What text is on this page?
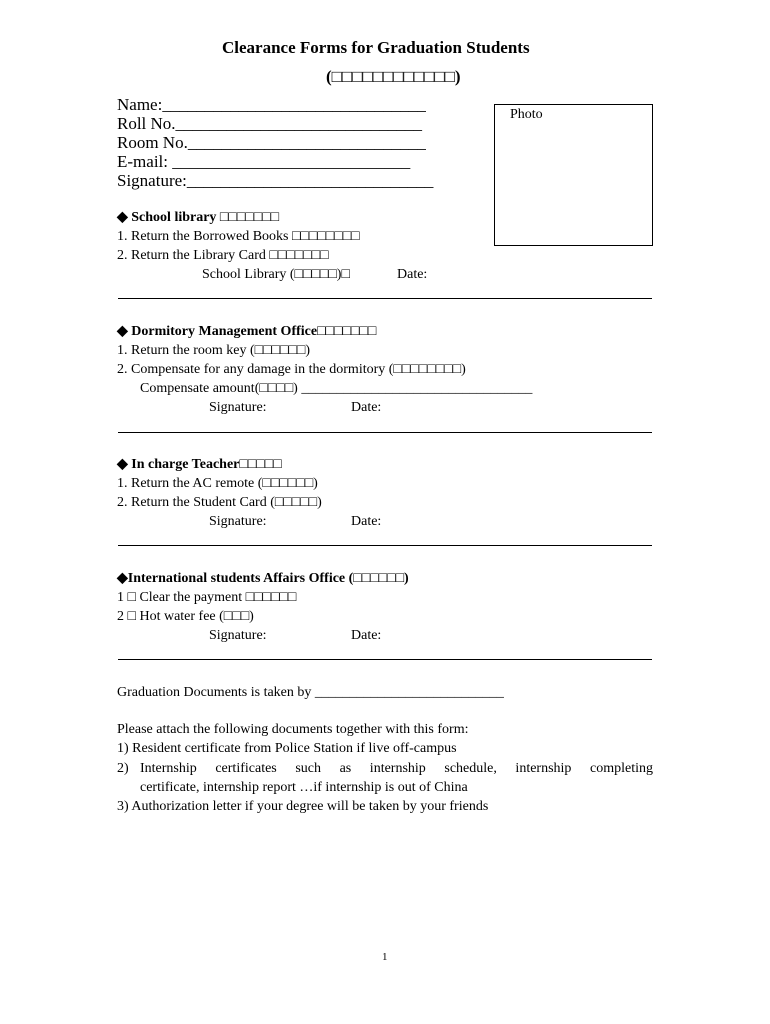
Clearance Forms for Graduation Students
(□□□□□□□□□□□□)
Name:_______________________________
Roll No._____________________________
Room No.____________________________
E-mail: ____________________________
Signature:_____________________________
Photo
◆ School library □□□□□□□
1. Return the Borrowed Books □□□□□□□□
2. Return the Library Card □□□□□□□
School Library (□□□□□)□	Date:
◆ Dormitory Management Office□□□□□□□
1. Return the room key (□□□□□□)
2. Compensate for any damage in the dormitory (□□□□□□□□)
Compensate amount(□□□□) _________________________________
Signature:	Date:
◆ In charge Teacher□□□□□
1. Return the AC remote (□□□□□□)
2. Return the Student Card (□□□□□)
Signature:	Date:
◆International students Affairs Office (□□□□□□)
1 □ Clear the payment □□□□□□
2 □ Hot water fee (□□□)
Signature:	Date:
Graduation Documents is taken by ___________________________
Please attach the following documents together with this form:
1) Resident certificate from Police Station if live off-campus
2) Internship certificates such as internship schedule, internship completing
certificate, internship report …if internship is out of China
3) Authorization letter if your degree will be taken by your friends
1
